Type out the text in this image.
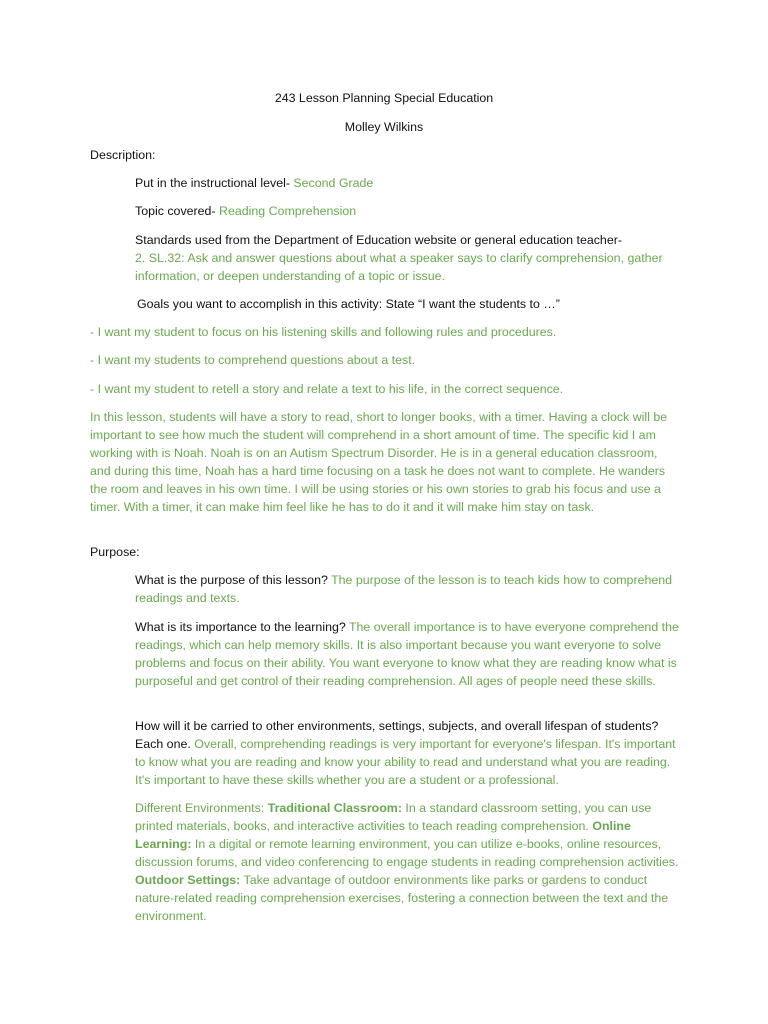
243 Lesson Planning Special Education
Molley Wilkins
Description:
Put in the instructional level- Second Grade
Topic covered- Reading Comprehension
Standards used from the Department of Education website or general education teacher-
2. SL.32: Ask and answer questions about what a speaker says to clarify comprehension, gather information, or deepen understanding of a topic or issue.
Goals you want to accomplish in this activity: State “I want the students to …”
- I want my student to focus on his listening skills and following rules and procedures.
- I want my students to comprehend questions about a test.
- I want my student to retell a story and relate a text to his life, in the correct sequence.
In this lesson, students will have a story to read, short to longer books, with a timer. Having a clock will be important to see how much the student will comprehend in a short amount of time. The specific kid I am working with is Noah. Noah is on an Autism Spectrum Disorder. He is in a general education classroom, and during this time, Noah has a hard time focusing on a task he does not want to complete. He wanders the room and leaves in his own time. I will be using stories or his own stories to grab his focus and use a timer. With a timer, it can make him feel like he has to do it and it will make him stay on task.
Purpose:
What is the purpose of this lesson? The purpose of the lesson is to teach kids how to comprehend readings and texts.
What is its importance to the learning? The overall importance is to have everyone comprehend the readings, which can help memory skills. It is also important because you want everyone to solve problems and focus on their ability. You want everyone to know what they are reading know what is purposeful and get control of their reading comprehension. All ages of people need these skills.
How will it be carried to other environments, settings, subjects, and overall lifespan of students? Each one. Overall, comprehending readings is very important for everyone's lifespan. It's important to know what you are reading and know your ability to read and understand what you are reading. It's important to have these skills whether you are a student or a professional.
Different Environments: Traditional Classroom: In a standard classroom setting, you can use printed materials, books, and interactive activities to teach reading comprehension. Online Learning: In a digital or remote learning environment, you can utilize e-books, online resources, discussion forums, and video conferencing to engage students in reading comprehension activities. Outdoor Settings: Take advantage of outdoor environments like parks or gardens to conduct nature-related reading comprehension exercises, fostering a connection between the text and the environment.
